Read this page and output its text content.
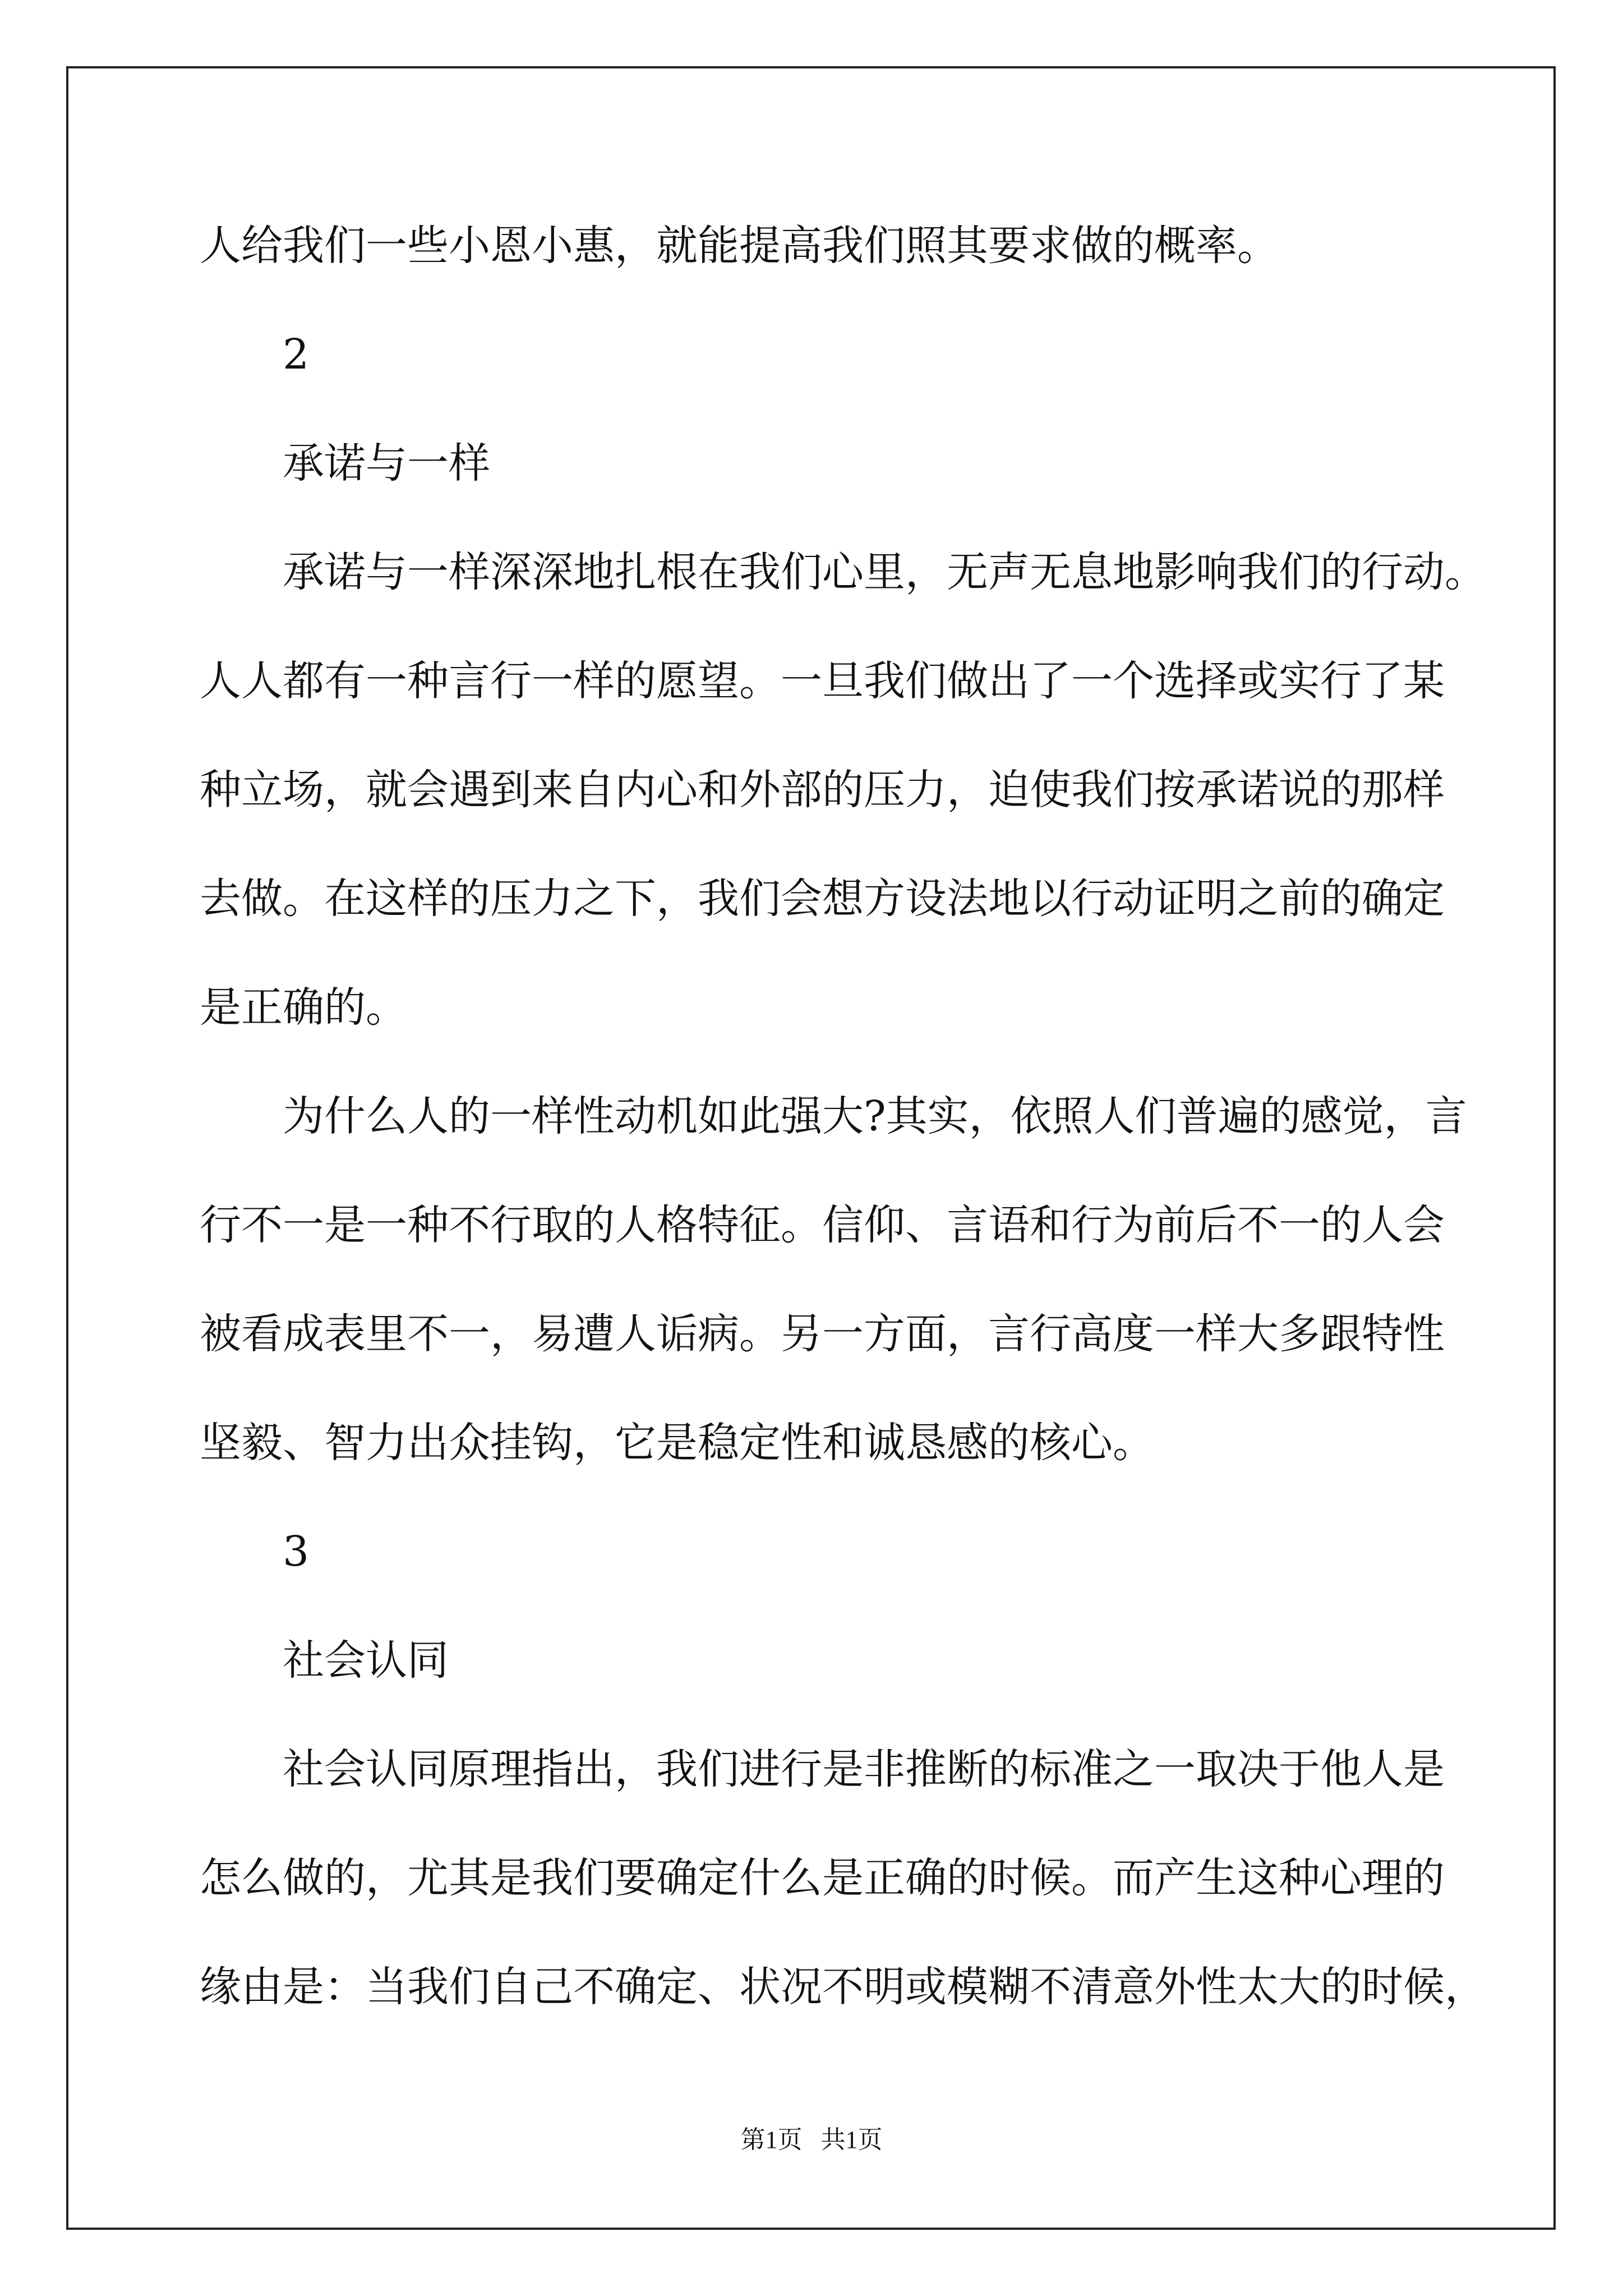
人给我们一些小恩小惠，就能提高我们照其要求做的概率。
2
承诺与一样
承诺与一样深深地扎根在我们心里，无声无息地影响我们的行动。
人人都有一种言行一样的愿望。一旦我们做出了一个选择或实行了某
种立场，就会遇到来自内心和外部的压力，迫使我们按承诺说的那样
去做。在这样的压力之下，我们会想方设法地以行动证明之前的确定
是正确的。
为什么人的一样性动机如此强大?其实，依照人们普遍的感觉，言
行不一是一种不行取的人格特征。信仰、言语和行为前后不一的人会
被看成表里不一，易遭人诟病。另一方面，言行高度一样大多跟特性
坚毅、智力出众挂钩，它是稳定性和诚恳感的核心。
3
社会认同
社会认同原理指出，我们进行是非推断的标准之一取决于他人是
怎么做的，尤其是我们要确定什么是正确的时候。而产生这种心理的
缘由是：当我们自己不确定、状况不明或模糊不清意外性太大的时候，
第1页   共1页
